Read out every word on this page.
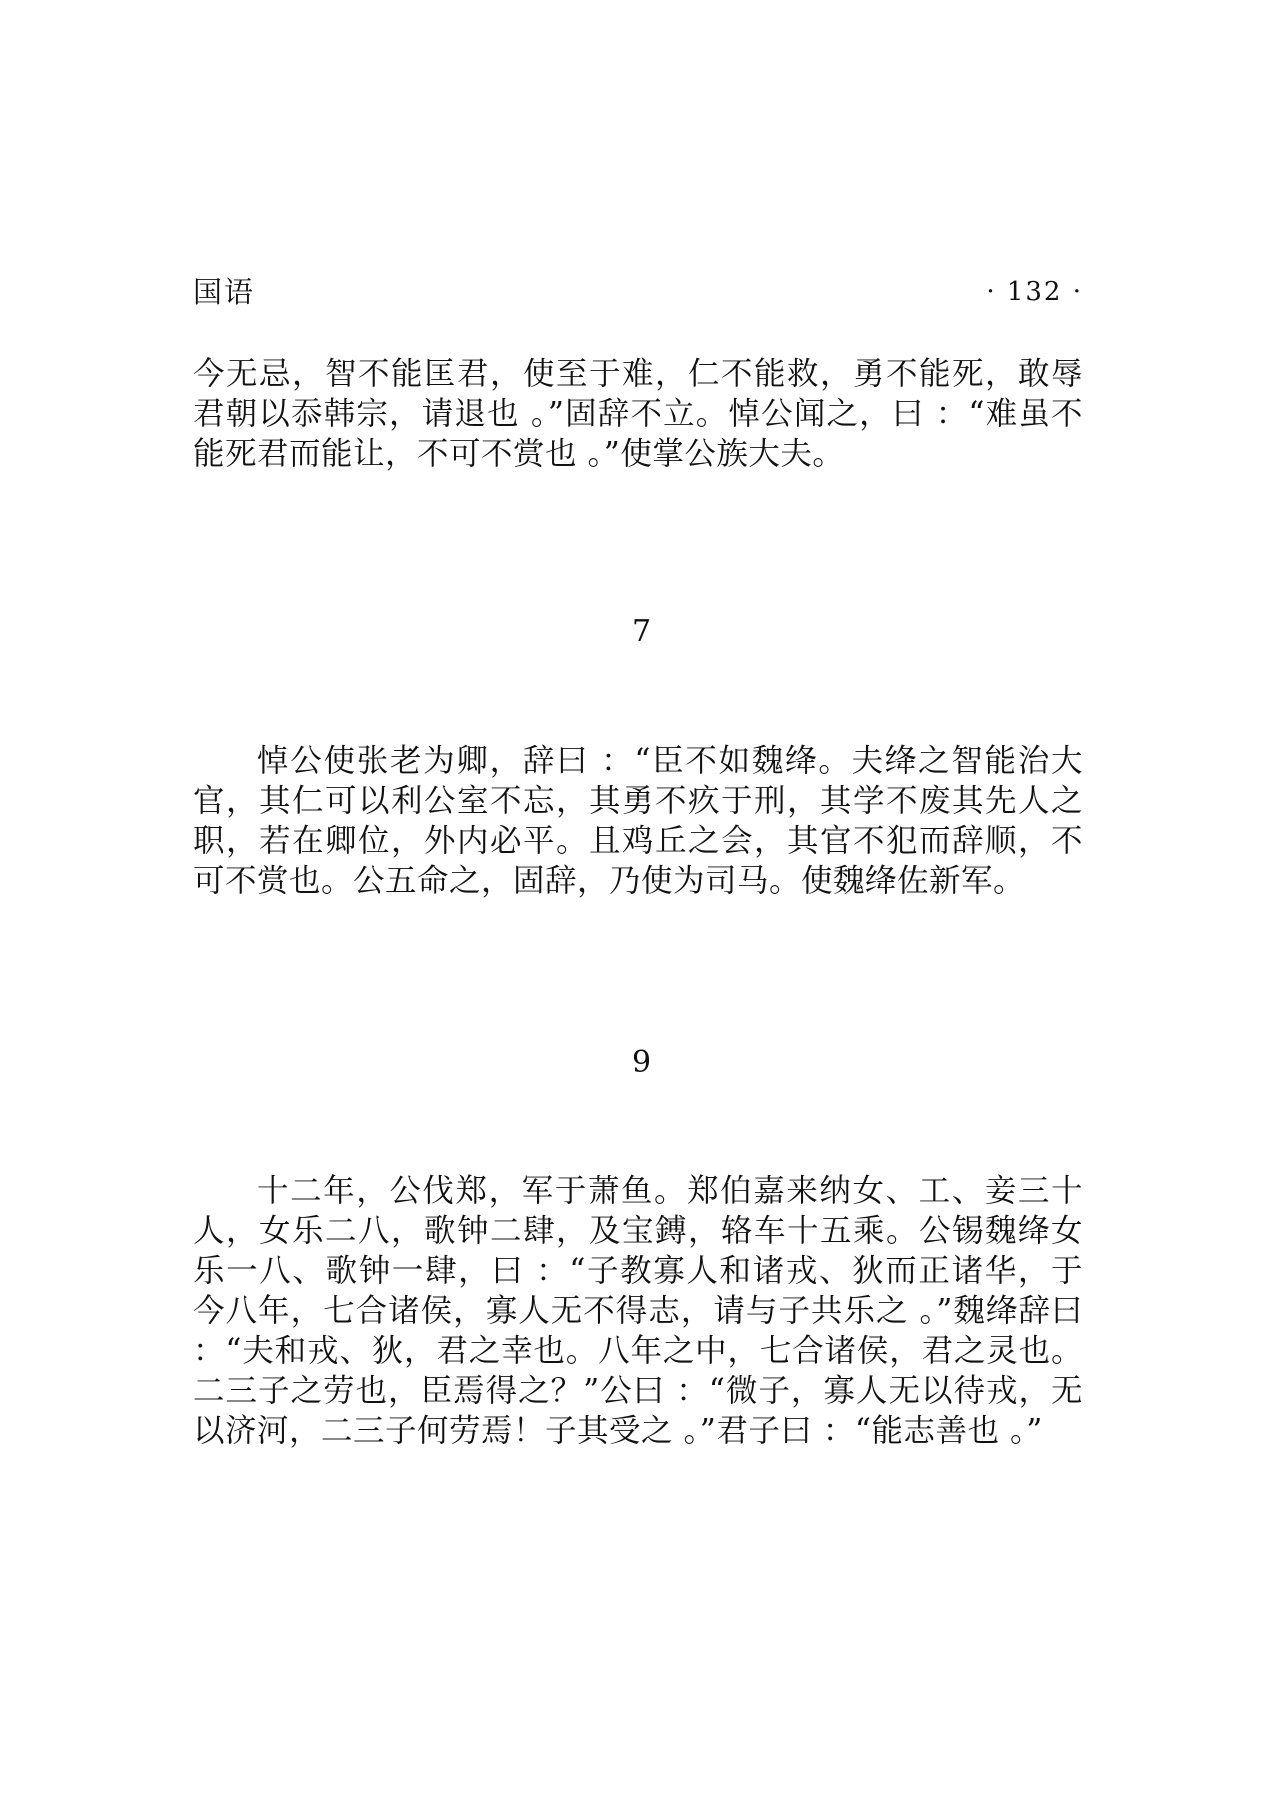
国语	· 132 ·

今无忌，智不能匡君，使至于难，仁不能救，勇不能死，敢辱君朝以忝韩宗，请退也 。”固辞不立。悼公闻之，曰 ：“难虽不能死君而能让，不可不赏也 。”使掌公族大夫。

7

悼公使张老为卿，辞曰 ：“臣不如魏绛。夫绛之智能治大官，其仁可以利公室不忘，其勇不疚于刑，其学不废其先人之职，若在卿位，外内必平。且鸡丘之会，其官不犯而辞顺，不可不赏也。公五命之，固辞，乃使为司马。使魏绛佐新军。

9

十二年，公伐郑，军于萧鱼。郑伯嘉来纳女、工、妾三十人，女乐二八，歌钟二肆，及宝鎛，辂车十五乘。公锡魏绛女乐一八、歌钟一肆，曰 ：“子教寡人和诸戎、狄而正诸华，于今八年，七合诸侯，寡人无不得志，请与子共乐之 。”魏绛辞曰 ：“夫和戎、狄，君之幸也。八年之中，七合诸侯，君之灵也。二三子之劳也，臣焉得之？”公曰 ：“微子，寡人无以待戎，无以济河，二三子何劳焉！子其受之 。”君子曰 ：“能志善也 。”
